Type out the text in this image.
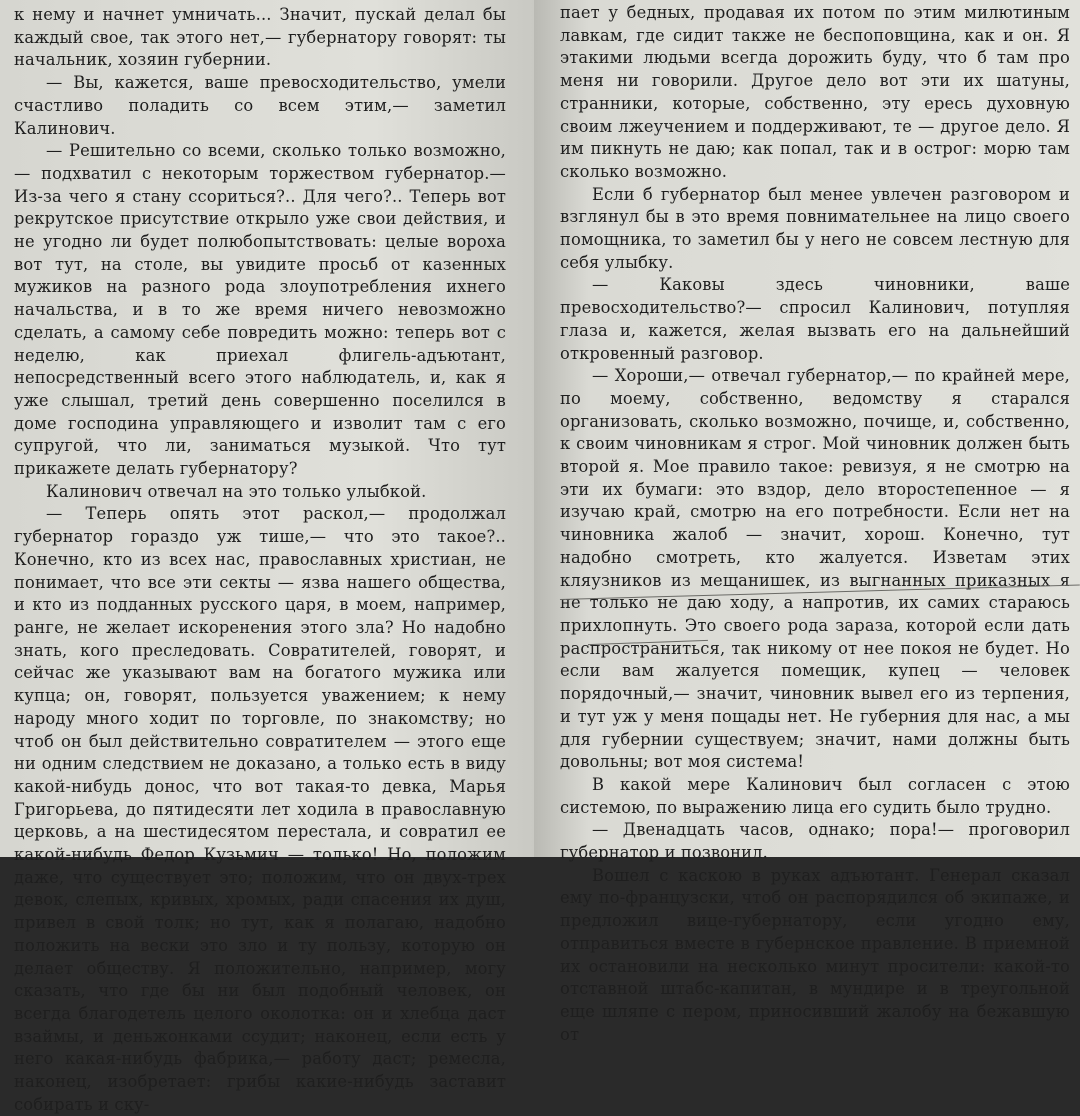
к нему и начнет умничать... Значит, пускай делал бы каждый свое, так этого нет,— губернатору говорят: ты начальник, хозяин губернии.

— Вы, кажется, ваше превосходительство, умели счастливо поладить со всем этим,— заметил Калинович.

— Решительно со всеми, сколько только возможно,— подхватил с некоторым торжеством губернатор.— Из-за чего я стану ссориться?.. Для чего?.. Теперь вот рекрутское присутствие открыло уже свои действия, и не угодно ли будет полюбопытствовать: целые вороха вот тут, на столе, вы увидите просьб от казенных мужиков на разного рода злоупотребления ихнего начальства, и в то же время ничего невозможно сделать, а самому себе повредить можно: теперь вот с неделю, как приехал флигель-адъютант, непосредственный всего этого наблюдатель, и, как я уже слышал, третий день совершенно поселился в доме господина управляющего и изволит там с его супругой, что ли, заниматься музыкой. Что тут прикажете делать губернатору?

Калинович отвечал на это только улыбкой.

— Теперь опять этот раскол,— продолжал губернатор гораздо уж тише,— что это такое?.. Конечно, кто из всех нас, православных христиан, не понимает, что все эти секты — язва нашего общества, и кто из подданных русского царя, в моем, например, ранге, не желает искоренения этого зла? Но надобно знать, кого преследовать. Совратителей, говорят, и сейчас же указывают вам на богатого мужика или купца; он, говорят, пользуется уважением; к нему народу много ходит по торговле, по знакомству; но чтоб он был действительно совратителем — этого еще ни одним следствием не доказано, а только есть в виду какой-нибудь донос, что вот такая-то девка, Марья Григорьева, до пятидесяти лет ходила в православную церковь, а на шестидесятом перестала, и совратил ее какой-нибудь Федор Кузьмич — только! Но, положим даже, что существует это; положим, что он двух-трех девок, слепых, кривых, хромых, ради спасения их душ, привел в свой толк; но тут, как я полагаю, надобно положить на вески это зло и ту пользу, которую он делает обществу. Я положительно, например, могу сказать, что где бы ни был подобный человек, он всегда благодетель целого околотка: он и хлебца даст взаймы, и деньжонками ссудит; наконец, если есть у него какая-нибудь фабрика,— работу даст; ремесла, наконец, изобретает: грибы какие-нибудь заставит собирать и ску-

пает у бедных, продавая их потом по этим милютиным лавкам, где сидит также не беспоповщина, как и он. Я этакими людьми всегда дорожить буду, что б там про меня ни говорили. Другое дело вот эти их шатуны, странники, которые, собственно, эту ересь духовную своим лжеучением и поддерживают, те — другое дело. Я им пикнуть не даю; как попал, так и в острог: морю там сколько возможно.

Если б губернатор был менее увлечен разговором и взглянул бы в это время повнимательнее на лицо своего помощника, то заметил бы у него не совсем лестную для себя улыбку.

— Каковы здесь чиновники, ваше превосходительство?— спросил Калинович, потупляя глаза и, кажется, желая вызвать его на дальнейший откровенный разговор.

— Хороши,— отвечал губернатор,— по крайней мере, по моему, собственно, ведомству я старался организовать, сколько возможно, почище, и, собственно, к своим чиновникам я строг. Мой чиновник должен быть второй я. Мое правило такое: ревизуя, я не смотрю на эти их бумаги: это вздор, дело второстепенное — я изучаю край, смотрю на его потребности. Если нет на чиновника жалоб — значит, хорош. Конечно, тут надобно смотреть, кто жалуется. Изветам этих кляузников из мещанишек, из выгнанных приказных я не только не даю ходу, а напротив, их самих стараюсь прихлопнуть. Это своего рода зараза, которой если дать распространиться, так никому от нее покоя не будет. Но если вам жалуется помещик, купец — человек порядочный,— значит, чиновник вывел его из терпения, и тут уж у меня пощады нет. Не губерния для нас, а мы для губернии существуем; значит, нами должны быть довольны; вот моя система!

В какой мере Калинович был согласен с этою системою, по выражению лица его судить было трудно.

— Двенадцать часов, однако; пора!— проговорил губернатор и позвонил.

Вошел с каскою в руках адъютант. Генерал сказал ему по-французски, чтоб он распорядился об экипаже, и предложил вице-губернатору, если угодно ему, отправиться вместе в губернское правление. В приемной их остановили на несколько минут просители: какой-то отставной штабс-капитан, в мундире и в треугольной еще шляпе с пером, приносивший жалобу на бежавшую от
